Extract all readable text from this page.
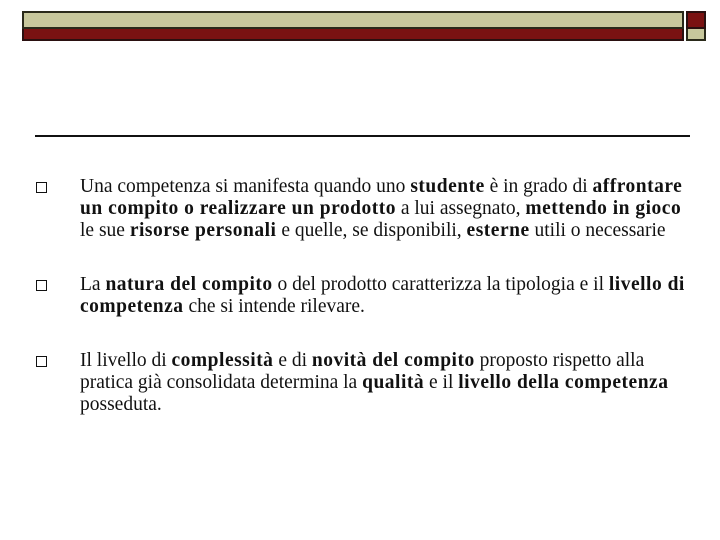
Una competenza si manifesta quando uno studente è in grado di affrontare un compito o realizzare un prodotto a lui assegnato, mettendo in gioco le sue risorse personali e quelle, se disponibili, esterne utili o necessarie
La natura del compito o del prodotto caratterizza la tipologia e il livello di competenza che si intende rilevare.
Il livello di complessità e di novità del compito proposto rispetto alla pratica già consolidata determina la qualità e il livello della competenza posseduta.
